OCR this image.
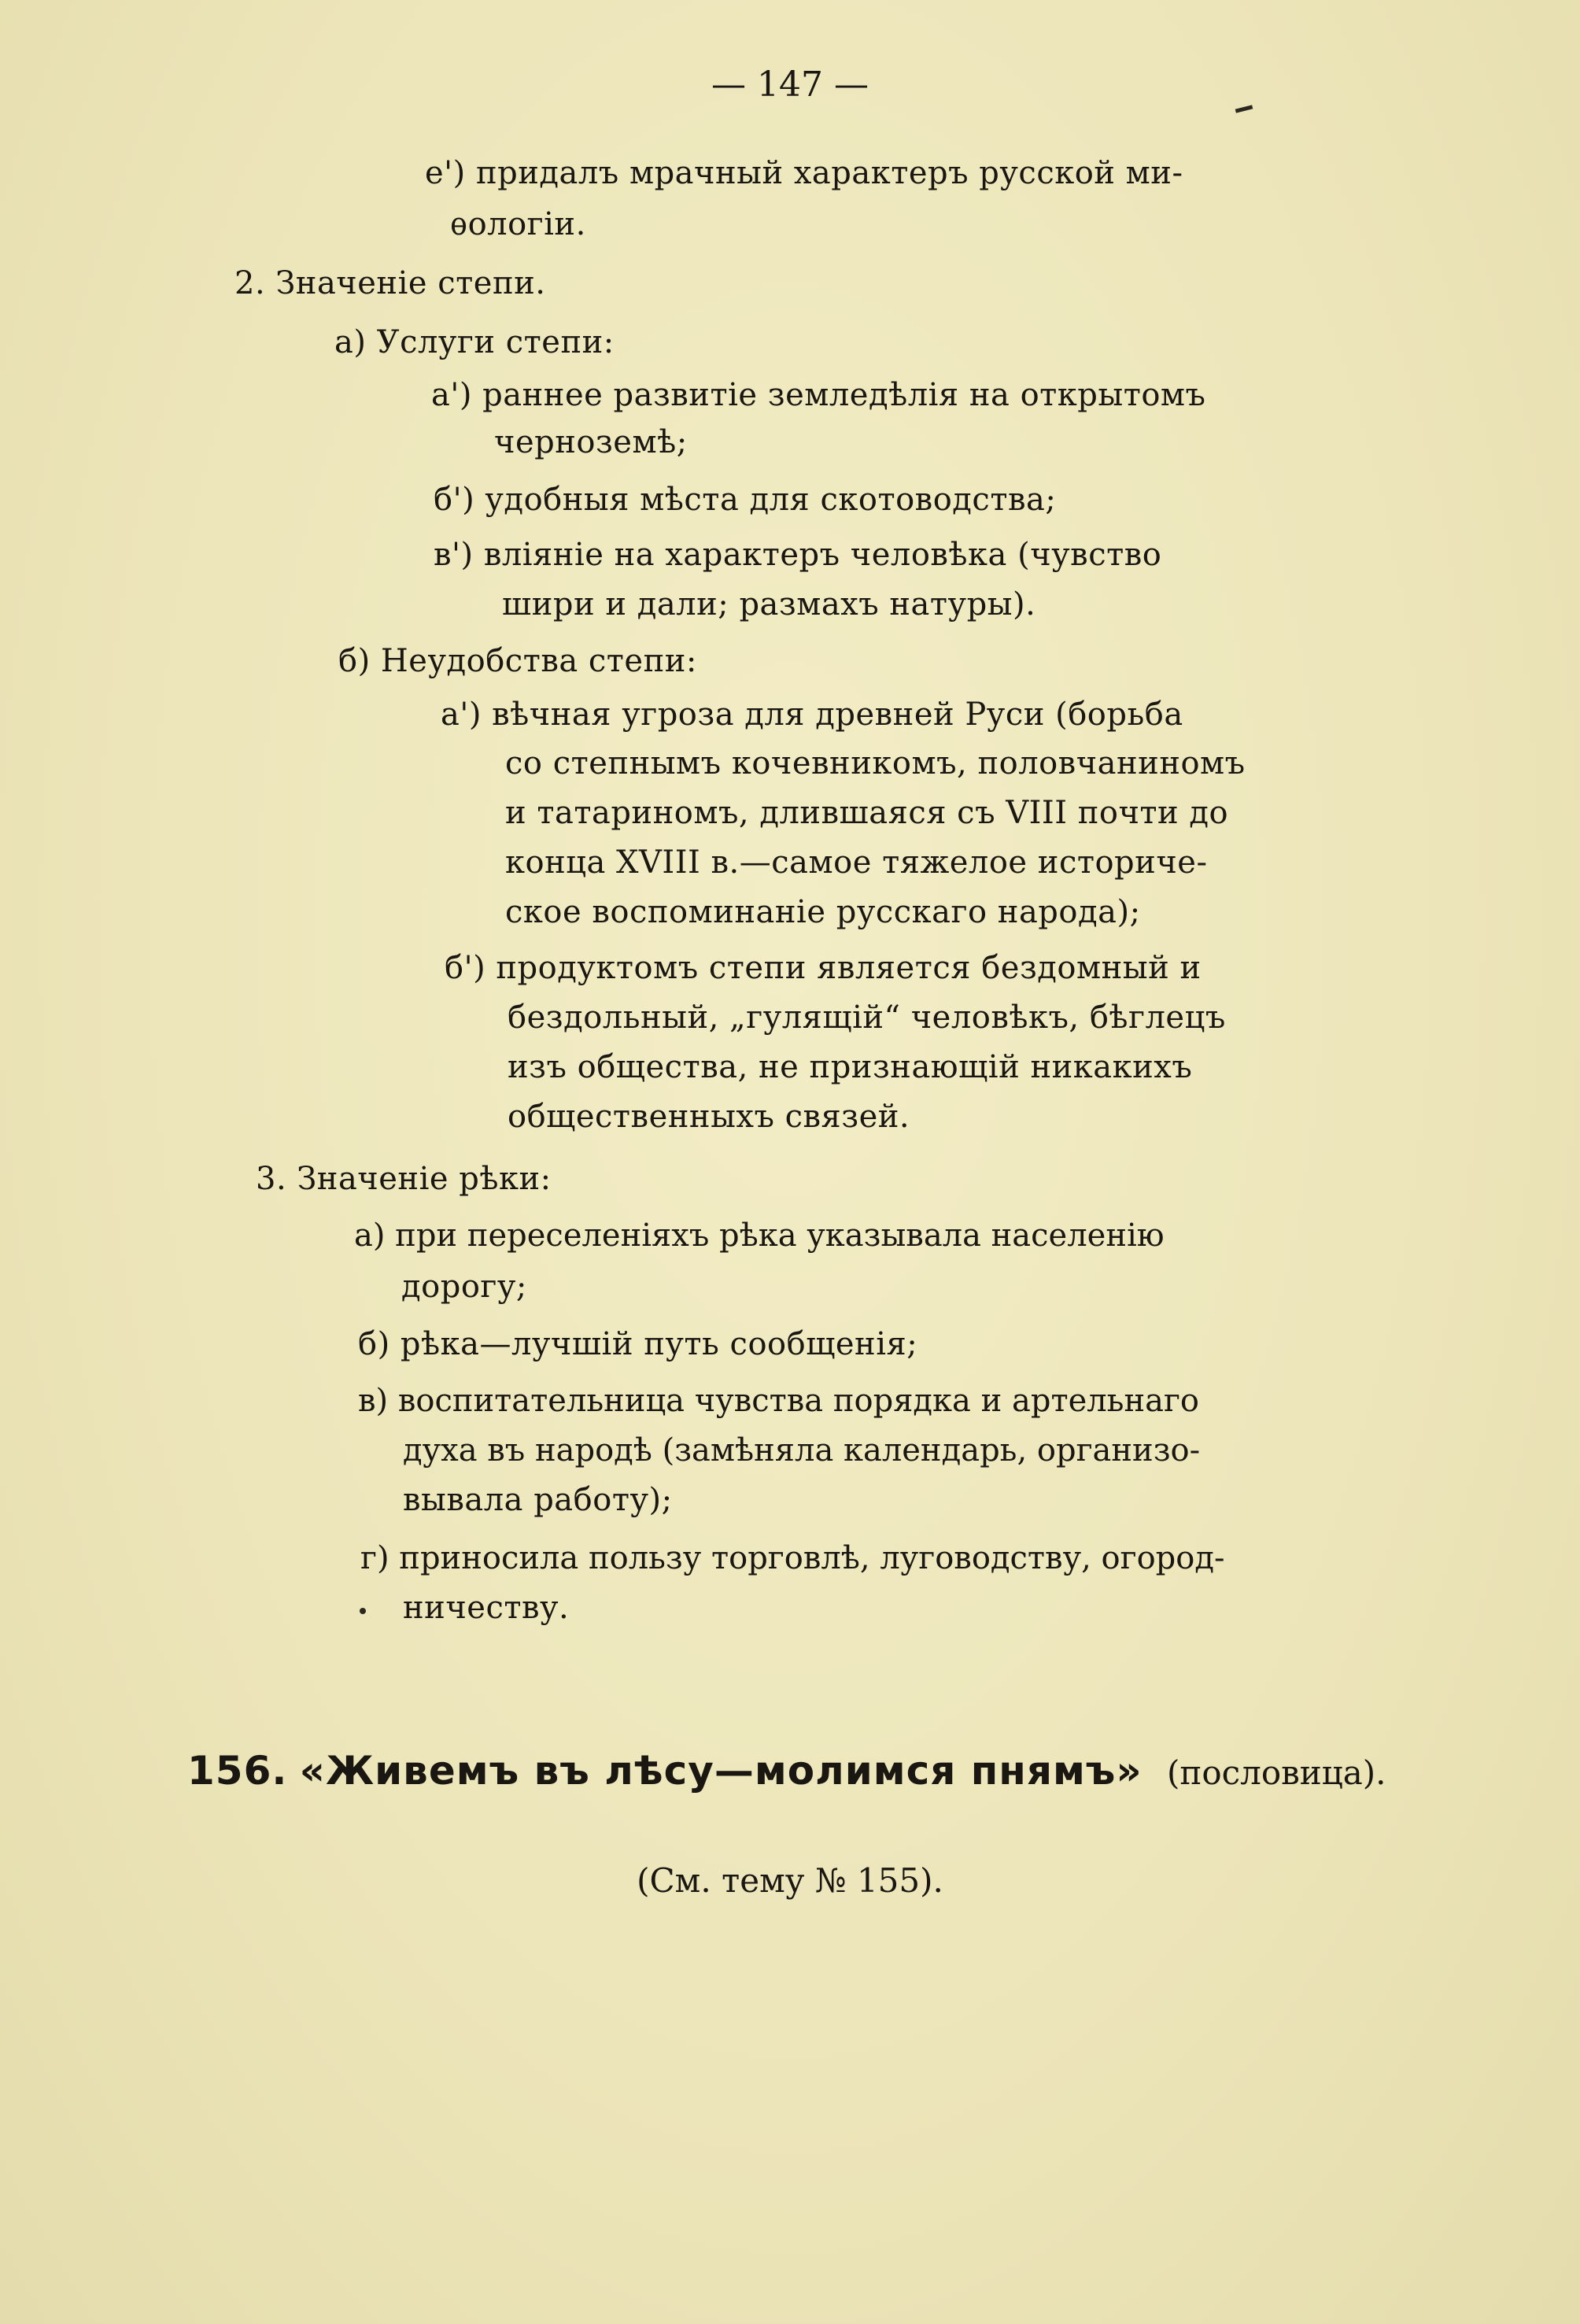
— 147 —
e') придалъ мрачный характеръ русской ми-
ѳологіи.
2. Значеніе степи.
а) Услуги степи:
а') раннее развитіе земледѣлія на открытомъ
черноземѣ;
б') удобныя мѣста для скотоводства;
в') вліяніе на характеръ человѣка (чувство
шири и дали; размахъ натуры).
б) Неудобства степи:
а') вѣчная угроза для древней Руси (борьба
со степнымъ кочевникомъ, половчаниномъ
и татариномъ, длившаяся съ VIII почти до
конца XVIII в.—самое тяжелое историче-
ское воспоминаніе русскаго народа);
б') продуктомъ степи является бездомный и
бездольный, „гулящій“ человѣкъ, бѣглецъ
изъ общества, не признающій никакихъ
общественныхъ связей.
3. Значеніе рѣки:
а) при переселеніяхъ рѣка указывала населенію
дорогу;
б) рѣка—лучшій путь сообщенія;
в) воспитательница чувства порядка и артельнаго
духа въ народѣ (замѣняла календарь, организо-
вывала работу);
г) приносила пользу торговлѣ, луговодству, огород-
ничеству.
156. «Живемъ въ лѣсу—молимся пнямъ» (пословица).
(См. тему № 155).
